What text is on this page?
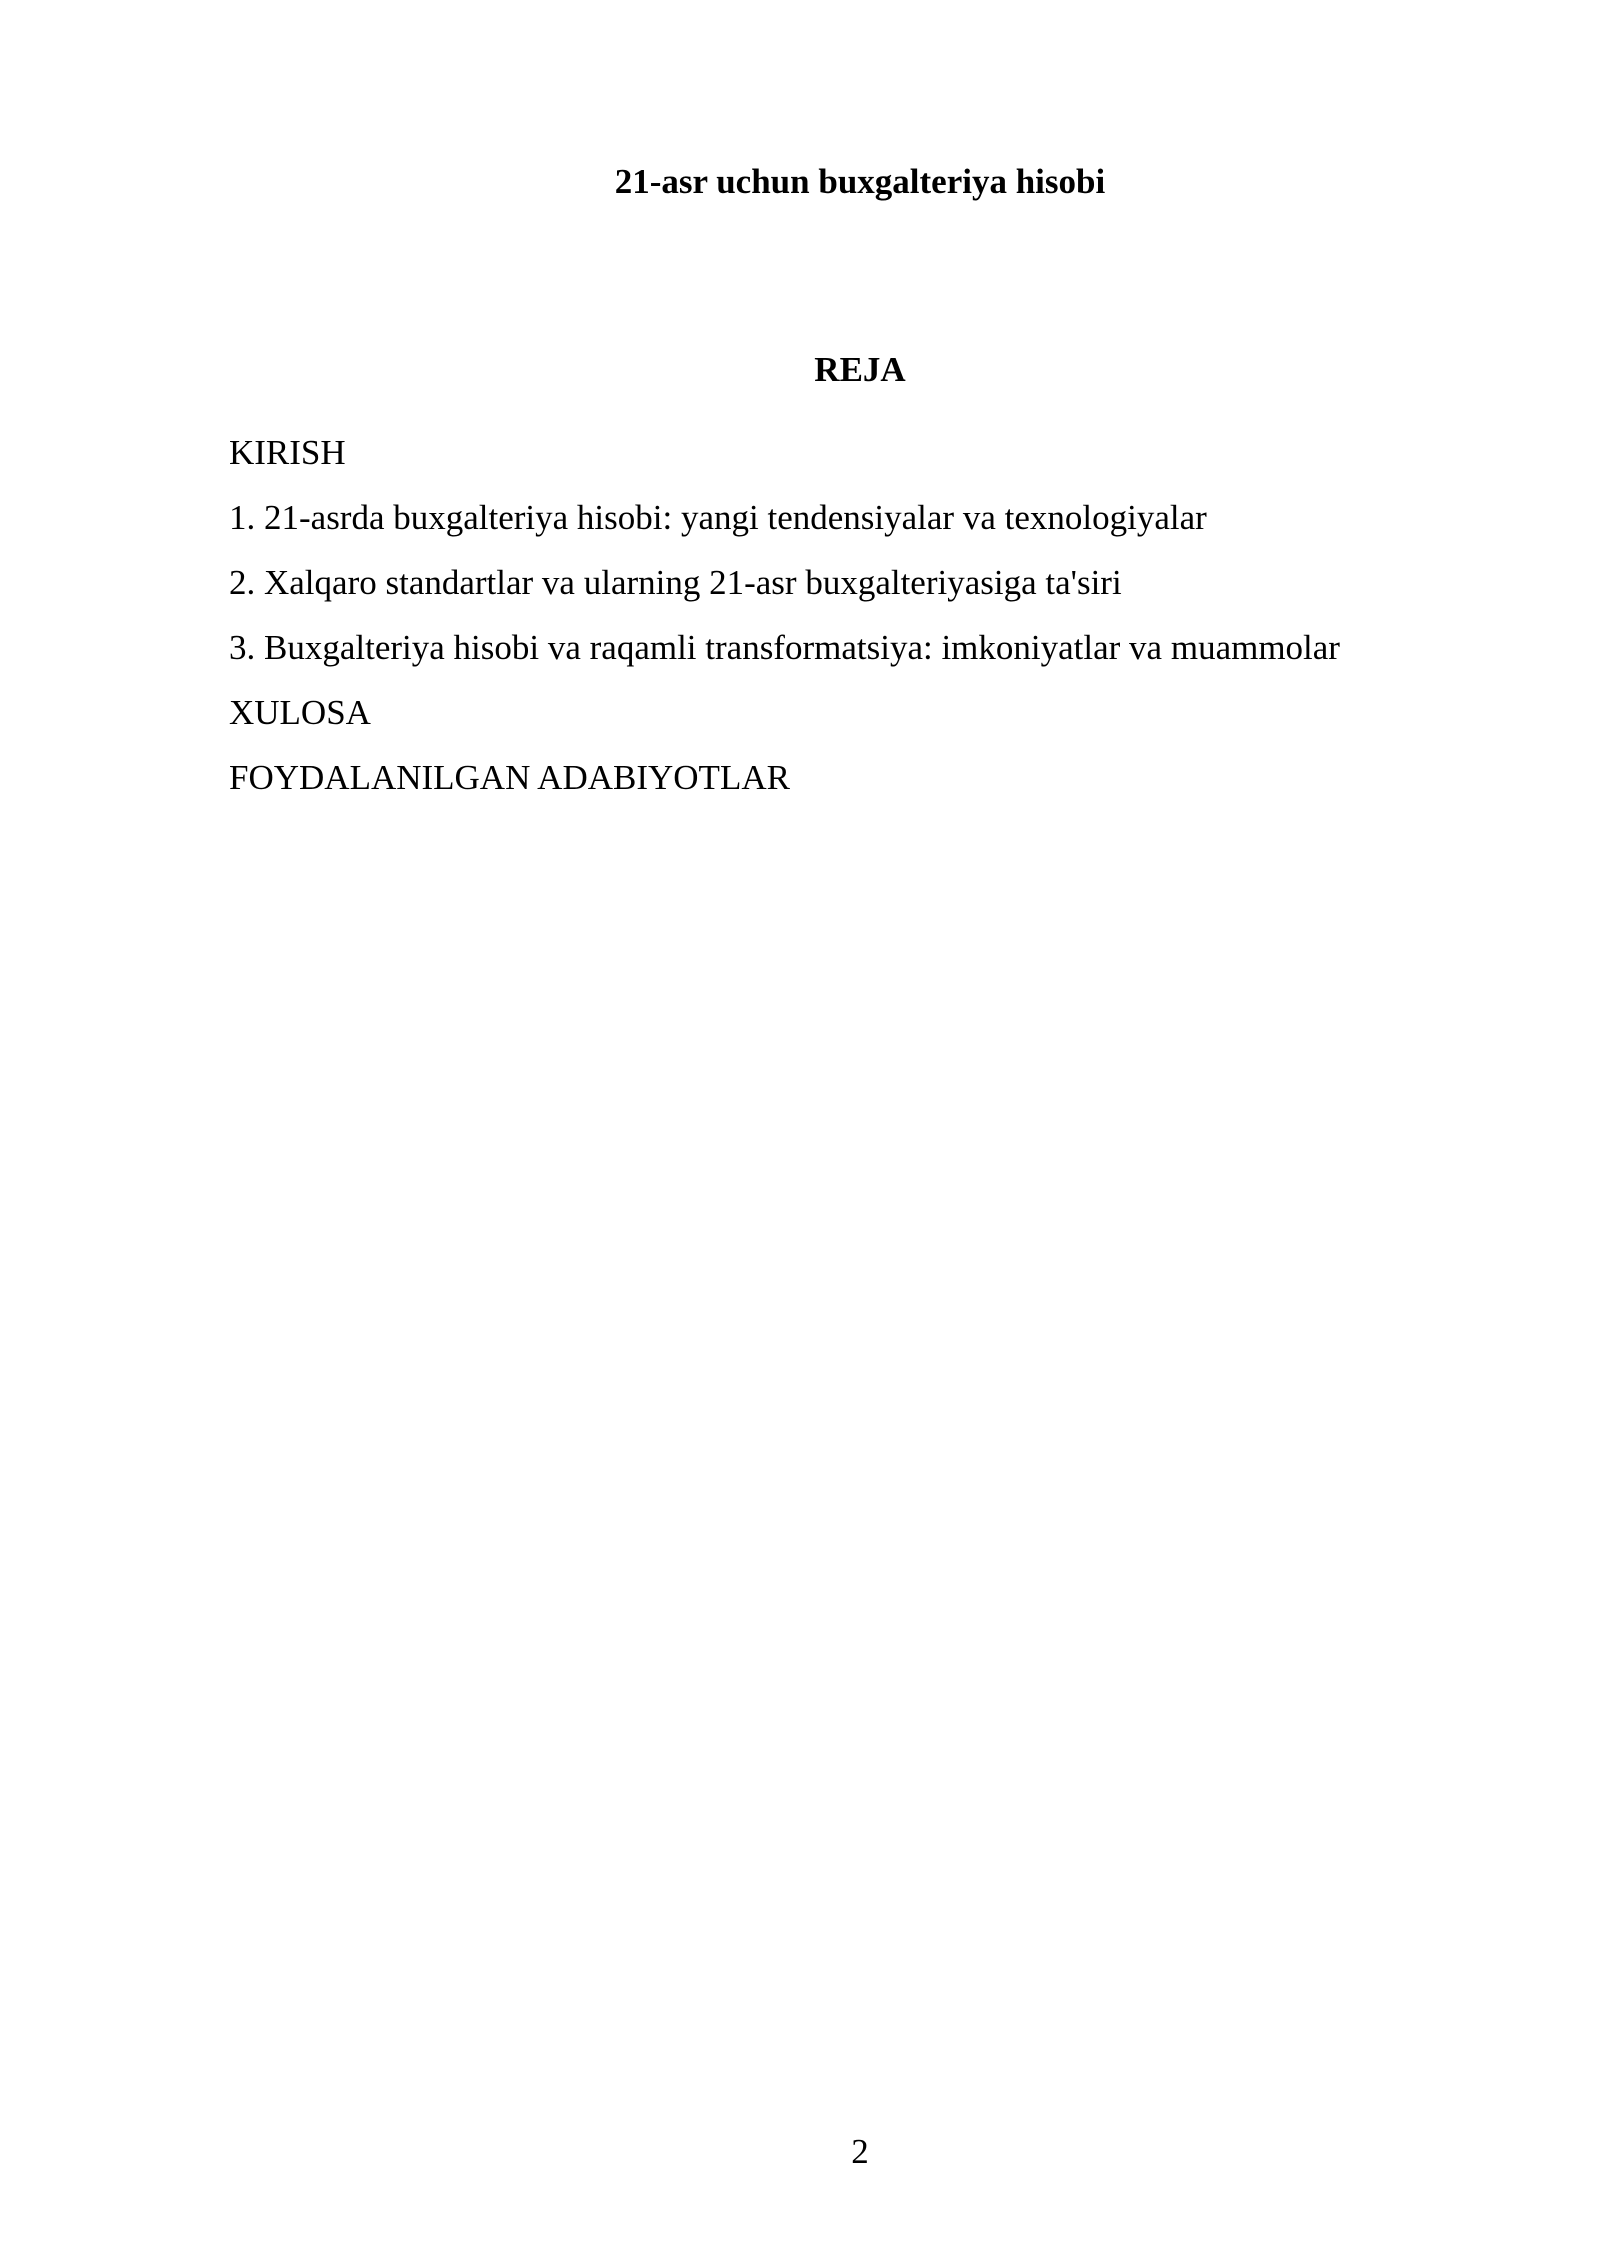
21-asr uchun buxgalteriya hisobi
REJA
KIRISH
1. 21-asrda buxgalteriya hisobi: yangi tendensiyalar va texnologiyalar
2. Xalqaro standartlar va ularning 21-asr buxgalteriyasiga ta'siri
3. Buxgalteriya hisobi va raqamli transformatsiya: imkoniyatlar va muammolar
XULOSA
FOYDALANILGAN ADABIYOTLAR
2
